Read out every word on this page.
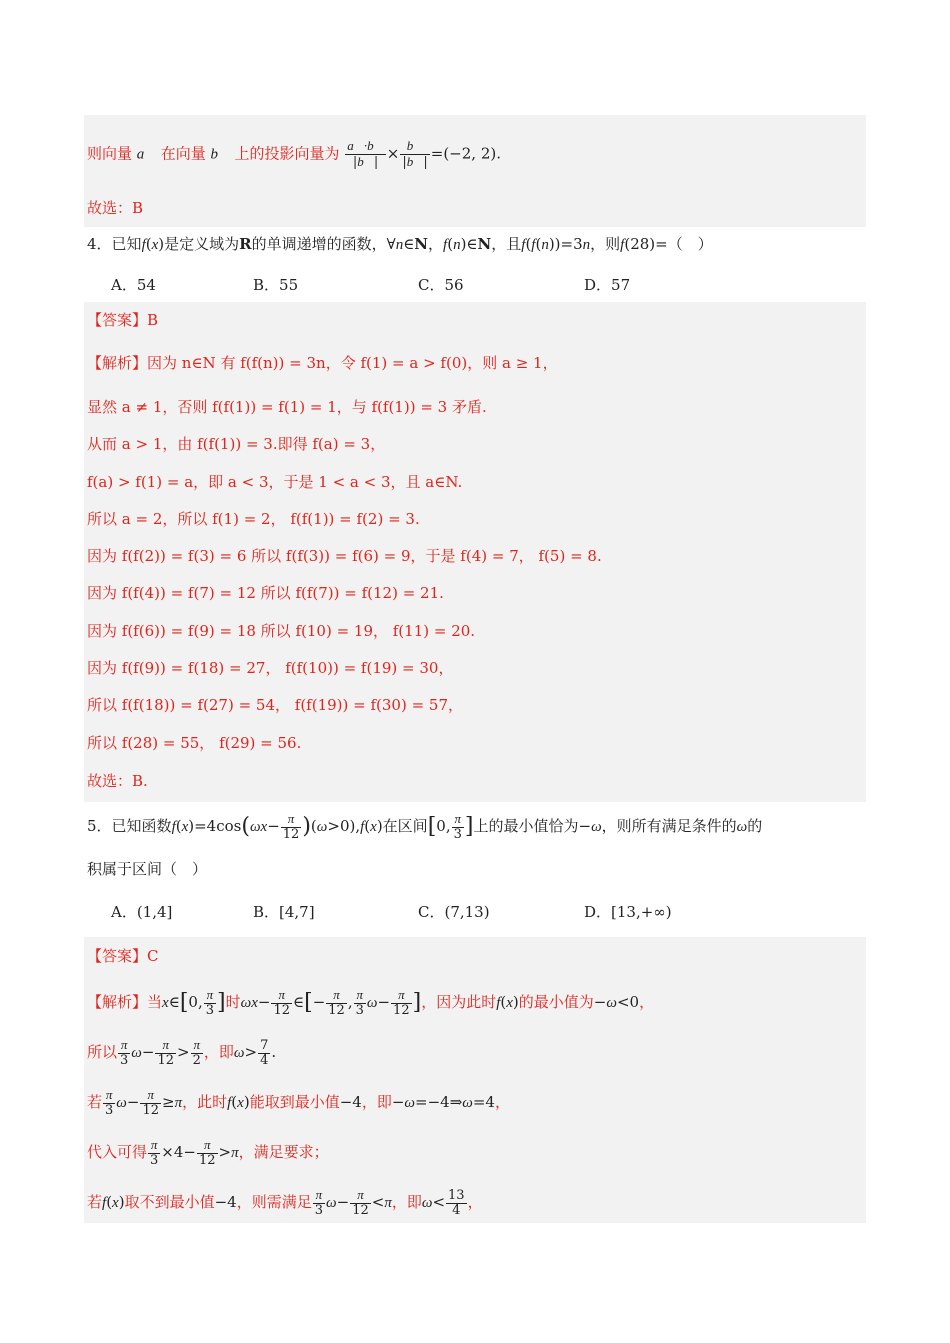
则向量 a⃗ 在向量 b⃗ 上的投影向量为 $\frac{a⃗\cdot b⃗}{|b⃗|} \times \frac{b⃗}{|b⃗|} =(-2$, 2).
故选：B
4．已知f(x)是定义域为R的单调递增的函数，∀n∈N，f(n)∈N，且f(f(n))=3n，则f(28)=（　）
A．54	B．55	C．56	D．57
【答案】B
【解析】因为 n∈N 有 f(f(n)) = 3n，令 f(1) = a > f(0)，则 a ≥ 1，
显然 a ≠ 1，否则 f(f(1)) = f(1) = 1，与 f(f(1)) = 3 矛盾.
从而 a > 1，由 f(f(1)) = 3.即得 f(a) = 3，
f(a) > f(1) = a，即 a < 3，于是 1 < a < 3，且 a∈N.
所以 a = 2，所以 f(1) = 2， f(f(1)) = f(2) = 3.
因为 f(f(2)) = f(3) = 6 所以 f(f(3)) = f(6) = 9，于是 f(4) = 7， f(5) = 8.
因为 f(f(4)) = f(7) = 12 所以 f(f(7)) = f(12) = 21.
因为 f(f(6)) = f(9) = 18 所以 f(10) = 19， f(11) = 20.
因为 f(f(9)) = f(18) = 27， f(f(10)) = f(19) = 30，
所以 f(f(18)) = f(27) = 54， f(f(19)) = f(30) = 57，
所以 f(28) = 55， f(29) = 56.
故选：B.
5．已知函数$f(x)=4\cos(\omega x- \frac{\pi}{12} )(\omega>0),f(x)$在区间[0, $\frac{\pi}{3}$ ]上的最小值恰为−ω，则所有满足条件的ω的
积属于区间（　）
A．(1,4]	B．[4,7]	C．(7,13)	D．[13,+∞)
【答案】C
【解析】当x∈[0, $\frac{\pi}{3}$ ]时$\omega x- \frac{\pi}{12}$ ∈[− $\frac{\pi}{12}$ , $\frac{\pi}{3} \omega- \frac{\pi}{12}$ ]，因为此时f(x)的最小值为−ω<0，
所以 $\frac{\pi}{3} \omega- \frac{\pi}{12} > \frac{\pi}{2}$ ，即$\omega> \frac{7}{4}$ .
若 $\frac{\pi}{3} \omega- \frac{\pi}{12} \ge\pi$，此时f(x)能取到最小值−4，即−ω=−4⇒ω=4，
代入可得 $\frac{\pi}{3} \times 4- \frac{\pi}{12} >\pi$，满足要求；
若f(x)取不到最小值−4，则需满足 $\frac{\pi}{3} \omega- \frac{\pi}{12} <\pi$，即$\omega< \frac{13}{4}$ ，
